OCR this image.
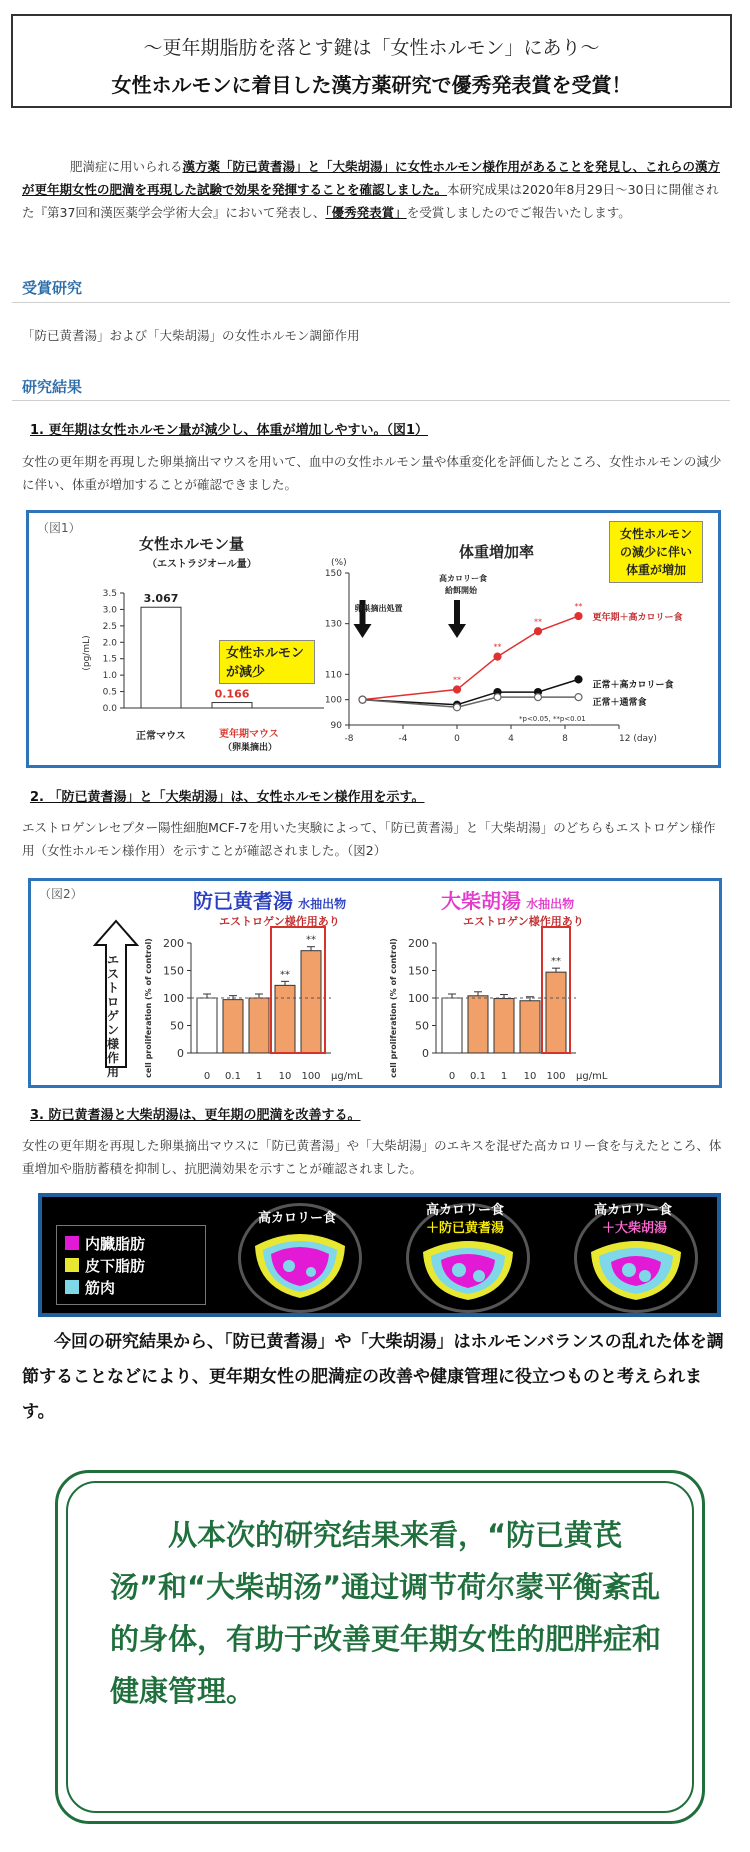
～更年期脂肪を落とす鍵は「女性ホルモン」にあり～
女性ホルモンに着目した漢方薬研究で優秀発表賞を受賞！
肥満症に用いられる漢方薬「防已黄耆湯」と「大柴胡湯」に女性ホルモン様作用があることを発見し、これらの漢方が更年期女性の肥満を再現した試験で効果を発揮することを確認しました。本研究成果は2020年8月29日～30日に開催された『第37回和漢医薬学会学術大会』において発表し、「優秀発表賞」を受賞しましたのでご報告いたします。
受賞研究
「防已黄耆湯」および「大柴胡湯」の女性ホルモン調節作用
研究結果
1. 更年期は女性ホルモン量が減少し、体重が増加しやすい。（図1）
女性の更年期を再現した卵巣摘出マウスを用いて、血中の女性ホルモン量や体重変化を評価したところ、女性ホルモンの減少に伴い、体重が増加することが確認できました。
（図1）
女性ホルモン量
（エストラジオール量）
3.5
3.0
2.5
2.0
1.5
1.0
0.5
0.0
(pg/mL)
3.067
0.166
(%)
150
130
110
100
90
-8	-4	0	4	8	12 (day)
卵巣摘出処置
高カロリー食
給餌開始
**
**
**
**
更年期＋高カロリー食
正常＋高カロリー食
正常＋通常食
*p<0.05, **p<0.01
正常マウス	更年期マウス
（卵巣摘出）
女性ホルモンが減少
体重増加率
女性ホルモンの減少に伴い体重が増加
2. 「防已黄耆湯」と「大柴胡湯」は、女性ホルモン様作用を示す。
エストロゲンレセプター陽性細胞MCF-7を用いた実験によって、「防已黄耆湯」と「大柴胡湯」のどちらもエストロゲン様作用（女性ホルモン様作用）を示すことが確認されました。（図2）
（図2）
エストロゲン様作用
防已黄耆湯 水抽出物	大柴胡湯 水抽出物
エストロゲン様作用あり	エストロゲン様作用あり
200
150
100
50
0
cell proliferation (% of control)	0 0.1 1 10 100 μg/mL
**
**	200
150
100
50
0
cell proliferation (% of control)	0 0.1 1 10 100 μg/mL
**
3. 防已黄耆湯と大柴胡湯は、更年期の肥満を改善する。
女性の更年期を再現した卵巣摘出マウスに「防已黄耆湯」や「大柴胡湯」のエキスを混ぜた高カロリー食を与えたところ、体重増加や脂肪蓄積を抑制し、抗肥満効果を示すことが確認されました。
内臓脂肪
皮下脂肪
筋肉
高カロリー食
高カロリー食
＋防已黄耆湯
高カロリー食
＋大柴胡湯
今回の研究結果から、「防已黄耆湯」や「大柴胡湯」はホルモンバランスの乱れた体を調節することなどにより、更年期女性の肥満症の改善や健康管理に役立つものと考えられます。
从本次的研究结果来看，“防已黄芪汤”和“大柴胡汤”通过调节荷尔蒙平衡紊乱的身体，有助于改善更年期女性的肥胖症和健康管理。
